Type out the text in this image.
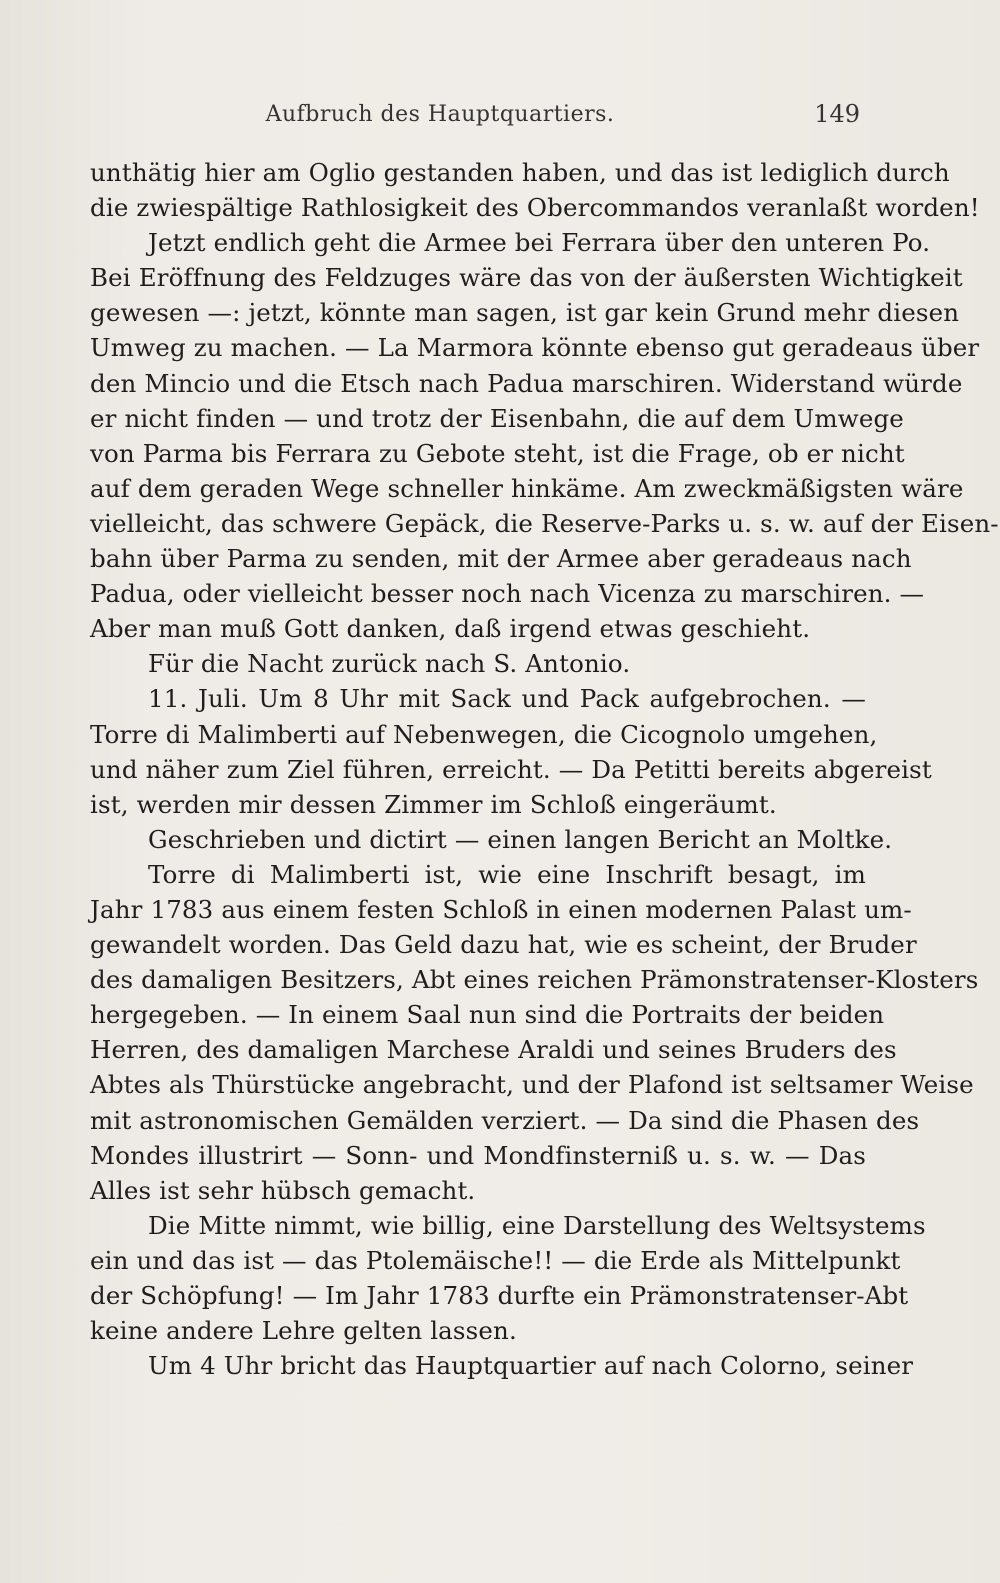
Aufbruch des Hauptquartiers.	149
unthätig hier am Oglio gestanden haben, und das ist lediglich durch
die zwiespältige Rathlosigkeit des Obercommandos veranlaßt worden!
Jetzt endlich geht die Armee bei Ferrara über den unteren Po.
Bei Eröffnung des Feldzuges wäre das von der äußersten Wichtigkeit
gewesen —: jetzt, könnte man sagen, ist gar kein Grund mehr diesen
Umweg zu machen. — La Marmora könnte ebenso gut geradeaus über
den Mincio und die Etsch nach Padua marschiren. Widerstand würde
er nicht finden — und trotz der Eisenbahn, die auf dem Umwege
von Parma bis Ferrara zu Gebote steht, ist die Frage, ob er nicht
auf dem geraden Wege schneller hinkäme. Am zweckmäßigsten wäre
vielleicht, das schwere Gepäck, die Reserve-Parks u. s. w. auf der Eisen-
bahn über Parma zu senden, mit der Armee aber geradeaus nach
Padua, oder vielleicht besser noch nach Vicenza zu marschiren. —
Aber man muß Gott danken, daß irgend etwas geschieht.
Für die Nacht zurück nach S. Antonio.
11. Juli. Um 8 Uhr mit Sack und Pack aufgebrochen. —
Torre di Malimberti auf Nebenwegen, die Cicognolo umgehen,
und näher zum Ziel führen, erreicht. — Da Petitti bereits abgereist
ist, werden mir dessen Zimmer im Schloß eingeräumt.
Geschrieben und dictirt — einen langen Bericht an Moltke.
Torre di Malimberti ist, wie eine Inschrift besagt, im
Jahr 1783 aus einem festen Schloß in einen modernen Palast um-
gewandelt worden. Das Geld dazu hat, wie es scheint, der Bruder
des damaligen Besitzers, Abt eines reichen Prämonstratenser-Klosters
hergegeben. — In einem Saal nun sind die Portraits der beiden
Herren, des damaligen Marchese Araldi und seines Bruders des
Abtes als Thürstücke angebracht, und der Plafond ist seltsamer Weise
mit astronomischen Gemälden verziert. — Da sind die Phasen des
Mondes illustrirt — Sonn- und Mondfinsterniß u. s. w. — Das
Alles ist sehr hübsch gemacht.
Die Mitte nimmt, wie billig, eine Darstellung des Weltsystems
ein und das ist — das Ptolemäische!! — die Erde als Mittelpunkt
der Schöpfung! — Im Jahr 1783 durfte ein Prämonstratenser-Abt
keine andere Lehre gelten lassen.
Um 4 Uhr bricht das Hauptquartier auf nach Colorno, seiner
